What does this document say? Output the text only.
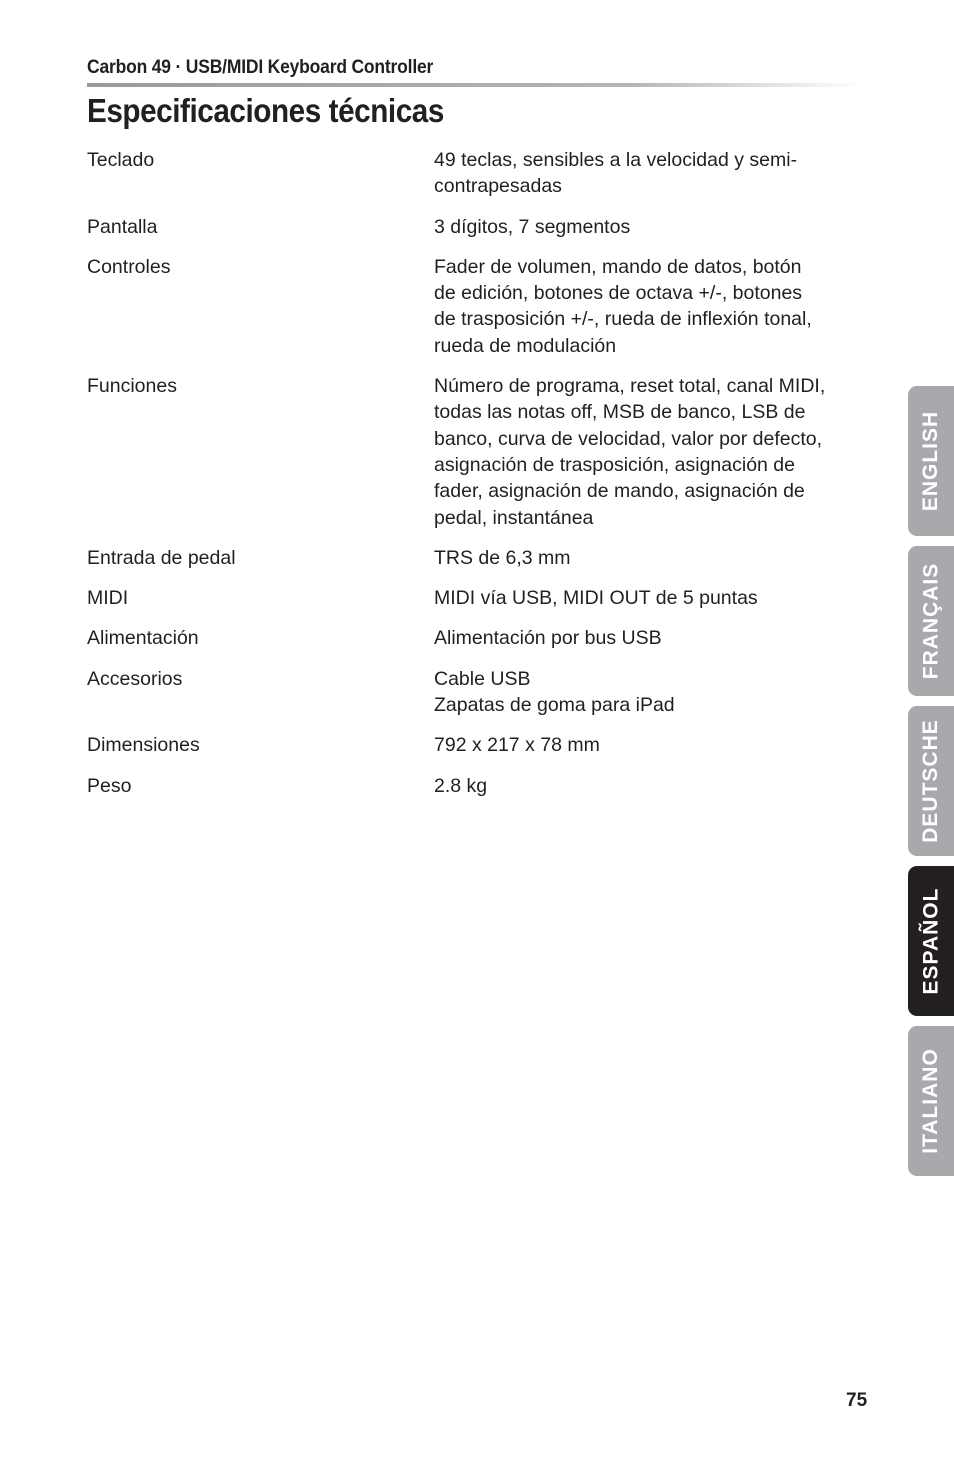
Carbon 49 · USB/MIDI Keyboard Controller
Especificaciones técnicas
Teclado	49 teclas, sensibles a la velocidad y semi-
contrapesadas
Pantalla	3 dígitos, 7 segmentos
Controles	Fader de volumen, mando de datos, botón
de edición, botones de octava +/-, botones
de trasposición +/-, rueda de inflexión tonal,
rueda de modulación
Funciones	Número de programa, reset total, canal MIDI,
todas las notas off, MSB de banco, LSB de
banco, curva de velocidad, valor por defecto,
asignación de trasposición, asignación de
fader, asignación de mando, asignación de
pedal, instantánea
Entrada de pedal	TRS de 6,3 mm
MIDI	MIDI vía USB, MIDI OUT de 5 puntas
Alimentación	Alimentación por bus USB
Accesorios	Cable USB
Zapatas de goma para iPad
Dimensiones	792 x 217 x 78 mm
Peso	2.8 kg
ENGLISH
FRANÇAIS
DEUTSCHE
ESPAÑOL
ITALIANO
75
